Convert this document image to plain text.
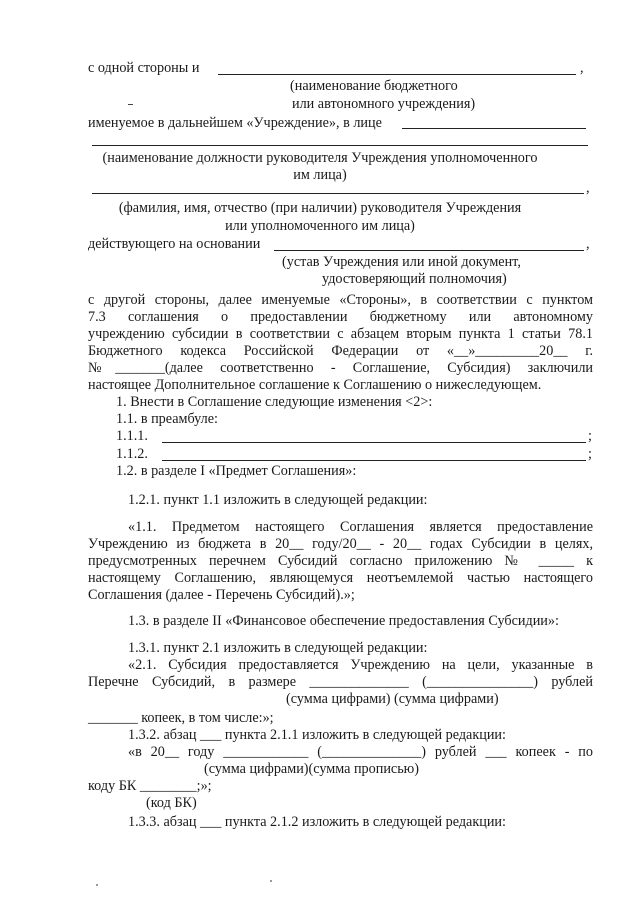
с одной стороны и	,
(наименование бюджетного
или автономного учреждения)
именуемое в дальнейшем «Учреждение», в лице
(наименование должности руководителя Учреждения уполномоченного
им лица)
,
(фамилия, имя, отчество (при наличии) руководителя Учреждения
или уполномоченного им лица)
действующего на основании	,
(устав Учреждения или иной документ,
удостоверяющий полномочия)
с другой стороны, далее именуемые «Стороны», в соответствии с пунктом
7.3 соглашения о предоставлении бюджетному или автономному
учреждению субсидии в соответствии с абзацем вторым пункта 1 статьи 78.1
Бюджетного кодекса Российской Федерации от «__»_________20__ г.
№_______(далее соответственно - Соглашение, Субсидия) заключили
настоящее Дополнительное соглашение к Соглашению о нижеследующем.
1. Внести в Соглашение следующие изменения <2>:
1.1. в преамбуле:
1.1.1.	;
1.1.2.	;
1.2. в разделе I «Предмет Соглашения»:
1.2.1. пункт 1.1 изложить в следующей редакции:
«1.1. Предметом настоящего Соглашения является предоставление
Учреждению из бюджета в 20__ году/20__ - 20__ годах Субсидии в целях,
предусмотренных перечнем Субсидий согласно приложению № _____ к
настоящему Соглашению, являющемуся неотъемлемой частью настоящего
Соглашения (далее - Перечень Субсидий).»;
1.3. в разделе II «Финансовое обеспечение предоставления Субсидии»:
1.3.1. пункт 2.1 изложить в следующей редакции:
«2.1. Субсидия предоставляется Учреждению на цели, указанные в
Перечне Субсидий, в размере ______________ (_______________) рублей
(сумма цифрами) (сумма цифрами)
_______ копеек, в том числе:»;
1.3.2. абзац ___ пункта 2.1.1 изложить в следующей редакции:
«в 20__ году ____________ (______________) рублей ___ копеек - по
(сумма цифрами)(сумма прописью)
коду БК ________;»;
(код БК)
1.3.3. абзац ___ пункта 2.1.2 изложить в следующей редакции:
